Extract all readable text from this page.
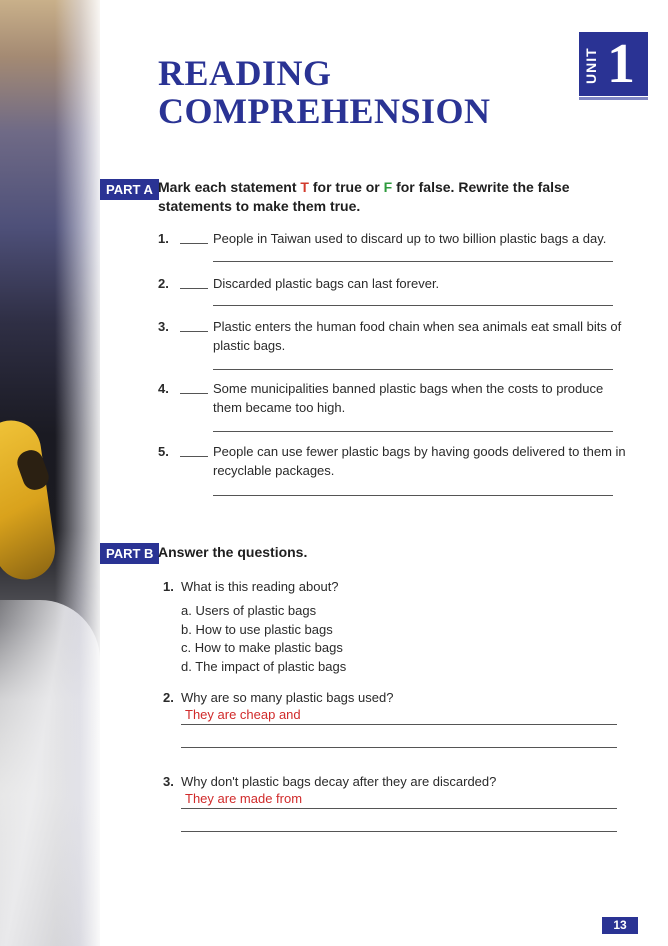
READING
COMPREHENSION
UNIT 1
PART A Mark each statement T for true or F for false. Rewrite the false statements to make them true.
1.	People in Taiwan used to discard up to two billion plastic bags a day.
2.	Discarded plastic bags can last forever.
3.	Plastic enters the human food chain when sea animals eat small bits of plastic bags.
4.	Some municipalities banned plastic bags when the costs to produce them became too high.
5.	People can use fewer plastic bags by having goods delivered to them in recyclable packages.
PART B Answer the questions.
1. What is this reading about?
a. Users of plastic bags
b. How to use plastic bags
c. How to make plastic bags
d. The impact of plastic bags
2. Why are so many plastic bags used?
They are cheap and
3. Why don't plastic bags decay after they are discarded?
They are made from
13
